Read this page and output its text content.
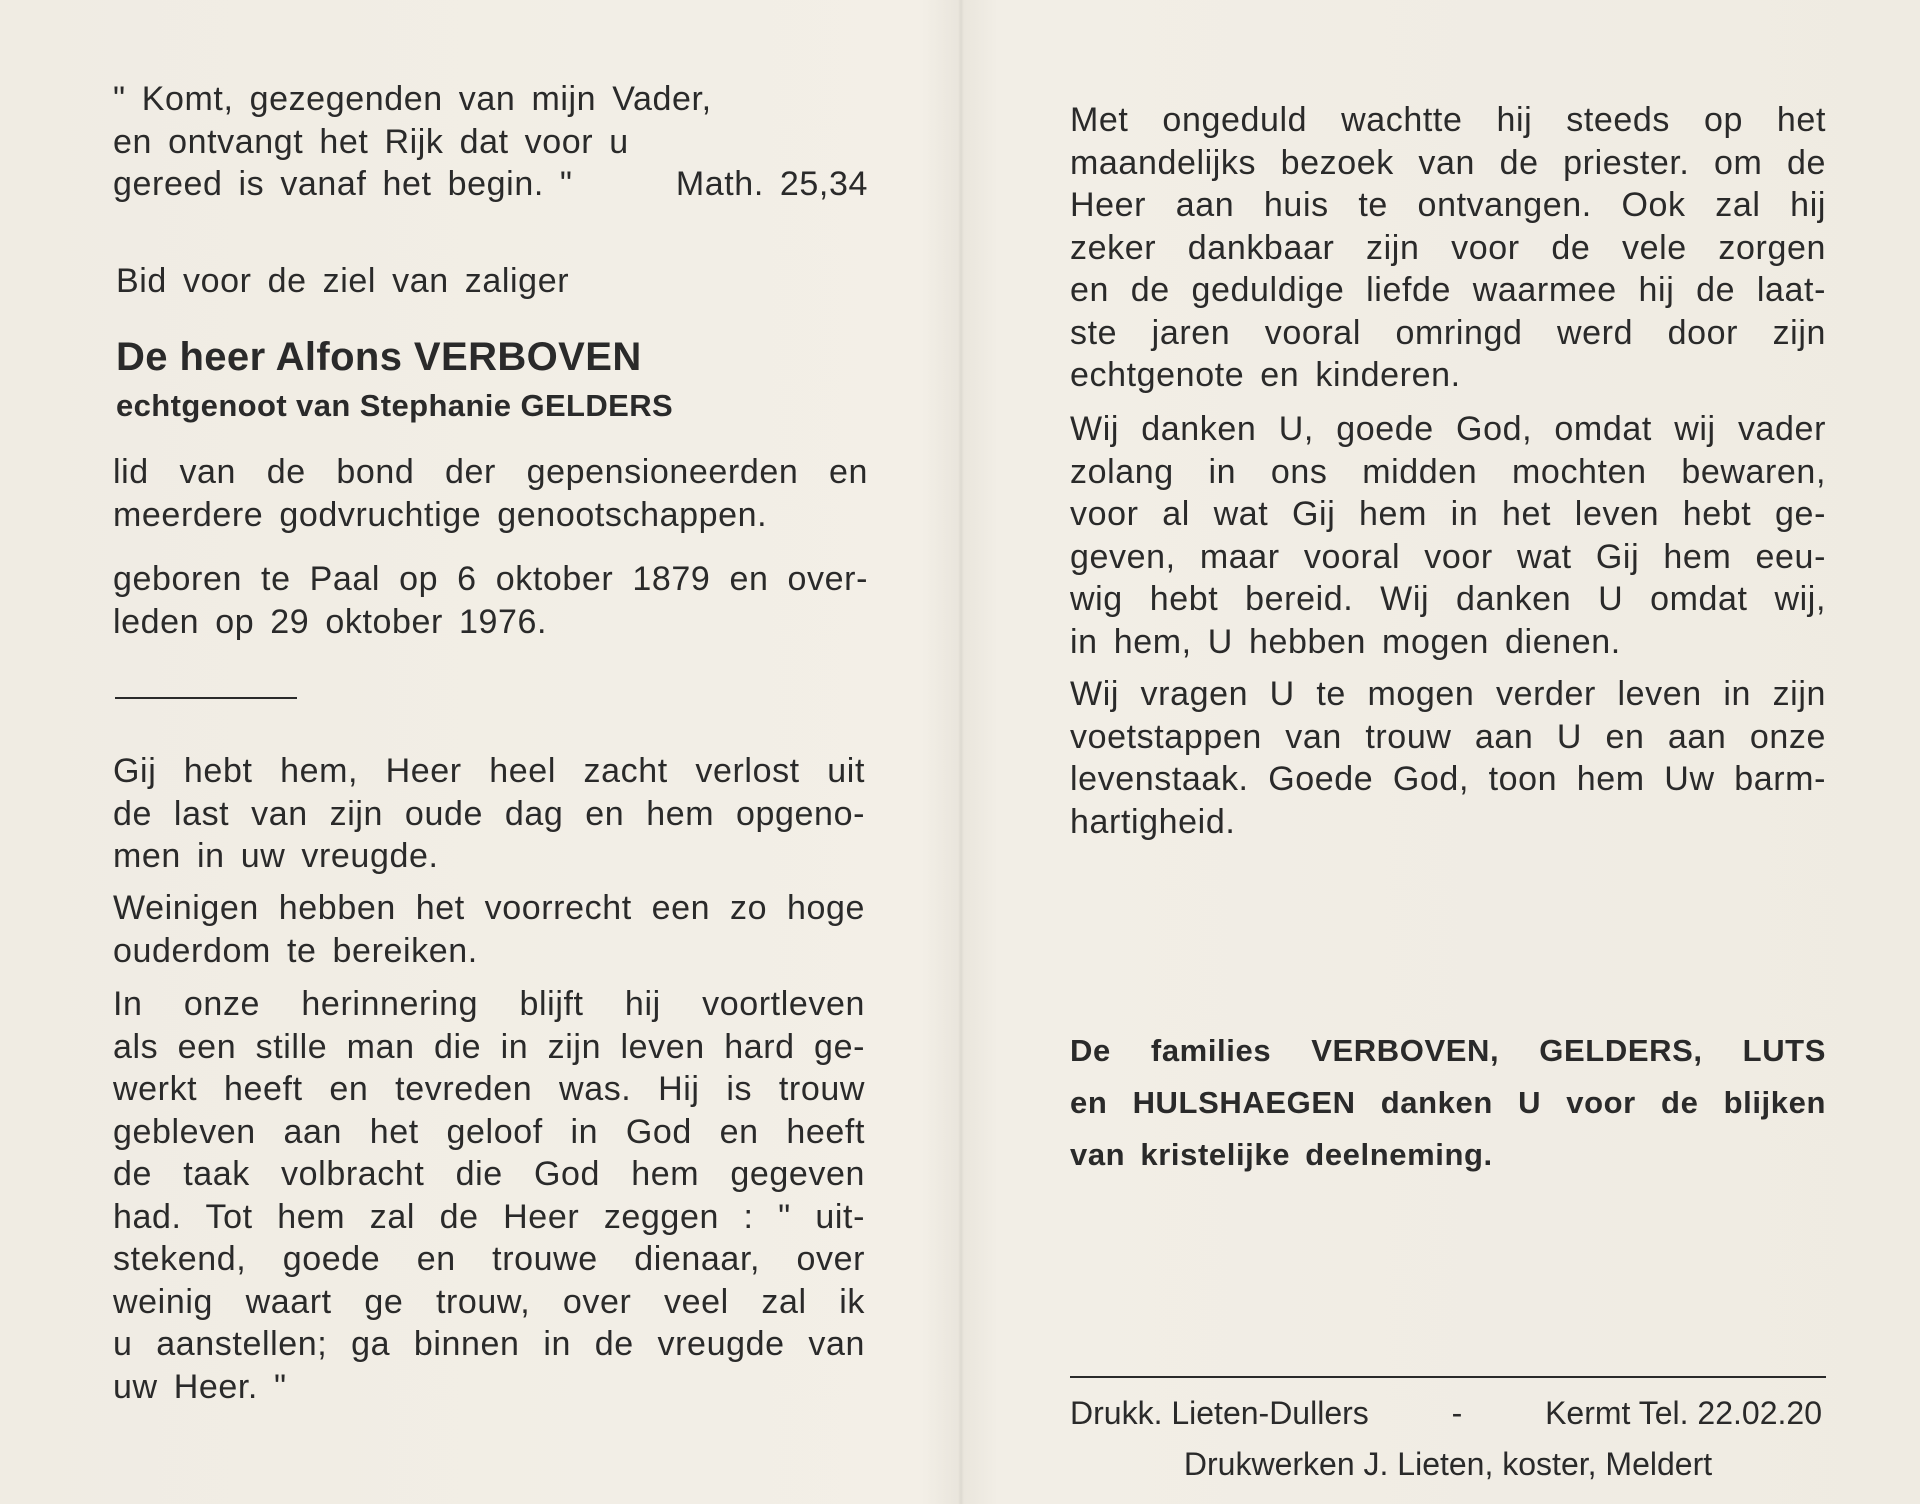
" Komt, gezegenden van mijn Vader,
en ontvangt het Rijk dat voor u
gereed is vanaf het begin. "	Math. 25,34

Bid voor de ziel van zaliger

De heer Alfons VERBOVEN
echtgenoot van Stephanie GELDERS

lid van de bond der gepensioneerden en
meerdere godvruchtige genootschappen.

geboren te Paal op 6 oktober 1879 en over-
leden op 29 oktober 1976.

Gij hebt hem, Heer heel zacht verlost uit
de last van zijn oude dag en hem opgeno-
men in uw vreugde.

Weinigen hebben het voorrecht een zo hoge
ouderdom te bereiken.

In onze herinnering blijft hij voortleven
als een stille man die in zijn leven hard ge-
werkt heeft en tevreden was. Hij is trouw
gebleven aan het geloof in God en heeft
de taak volbracht die God hem gegeven
had. Tot hem zal de Heer zeggen : " uit-
stekend, goede en trouwe dienaar, over
weinig waart ge trouw, over veel zal ik
u aanstellen; ga binnen in de vreugde van
uw Heer. "

Met ongeduld wachtte hij steeds op het
maandelijks bezoek van de priester. om de
Heer aan huis te ontvangen. Ook zal hij
zeker dankbaar zijn voor de vele zorgen
en de geduldige liefde waarmee hij de laat-
ste jaren vooral omringd werd door zijn
echtgenote en kinderen.

Wij danken U, goede God, omdat wij vader
zolang in ons midden mochten bewaren,
voor al wat Gij hem in het leven hebt ge-
geven, maar vooral voor wat Gij hem eeu-
wig hebt bereid. Wij danken U omdat wij,
in hem, U hebben mogen dienen.

Wij vragen U te mogen verder leven in zijn
voetstappen van trouw aan U en aan onze
levenstaak. Goede God, toon hem Uw barm-
hartigheid.

De families VERBOVEN, GELDERS, LUTS
en HULSHAEGEN danken U voor de blijken
van kristelijke deelneming.

Drukk. Lieten-Dullers	-	Kermt Tel. 22.02.20
Drukwerken J. Lieten, koster, Meldert
